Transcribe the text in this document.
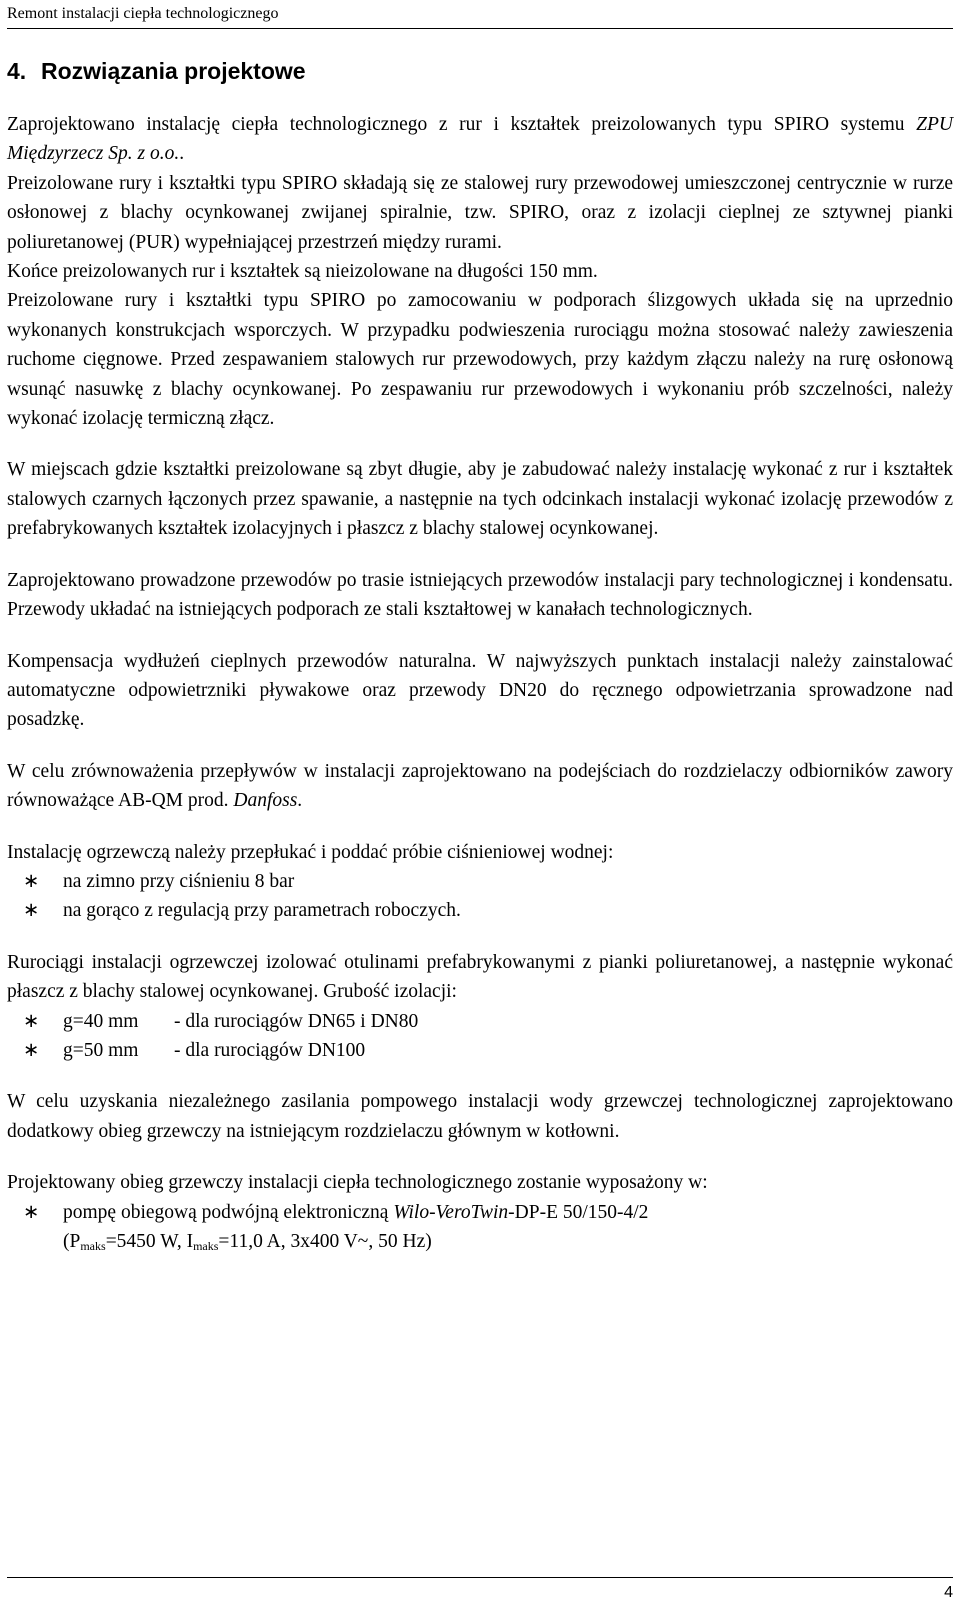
Remont instalacji ciepła technologicznego
4. Rozwiązania projektowe

Zaprojektowano instalację ciepła technologicznego z rur i kształtek preizolowanych typu SPIRO systemu ZPU Międzyrzecz Sp. z o.o..

Preizolowane rury i kształtki typu SPIRO składają się ze stalowej rury przewodowej umieszczonej centrycznie w rurze osłonowej z blachy ocynkowanej zwijanej spiralnie, tzw. SPIRO, oraz z izolacji cieplnej ze sztywnej pianki poliuretanowej (PUR) wypełniającej przestrzeń między rurami.

Końce preizolowanych rur i kształtek są nieizolowane na długości 150 mm.

Preizolowane rury i kształtki typu SPIRO po zamocowaniu w podporach ślizgowych układa się na uprzednio wykonanych konstrukcjach wsporczych. W przypadku podwieszenia rurociągu można stosować należy zawieszenia ruchome cięgnowe. Przed zespawaniem stalowych rur przewodowych, przy każdym złączu należy na rurę osłonową wsunąć nasuwkę z blachy ocynkowanej. Po zespawaniu rur przewodowych i wykonaniu prób szczelności, należy wykonać izolację termiczną złącz.

W miejscach gdzie kształtki preizolowane są zbyt długie, aby je zabudować należy instalację wykonać z rur i kształtek stalowych czarnych łączonych przez spawanie, a następnie na tych odcinkach instalacji wykonać izolację przewodów z prefabrykowanych kształtek izolacyjnych i płaszcz z blachy stalowej ocynkowanej.

Zaprojektowano prowadzone przewodów po trasie istniejących przewodów instalacji pary technologicznej i kondensatu. Przewody układać na istniejących podporach ze stali kształtowej w kanałach technologicznych.

Kompensacja wydłużeń cieplnych przewodów naturalna. W najwyższych punktach instalacji należy zainstalować automatyczne odpowietrzniki pływakowe oraz przewody DN20 do ręcznego odpowietrzania sprowadzone nad posadzkę.

W celu zrównoważenia przepływów w instalacji zaprojektowano na podejściach do rozdzielaczy odbiorników zawory równoważące AB-QM prod. Danfoss.

Instalację ogrzewczą należy przepłukać i poddać próbie ciśnieniowej wodnej:

∗ na zimno przy ciśnieniu 8 bar
∗ na gorąco z regulacją przy parametrach roboczych.

Rurociągi instalacji ogrzewczej izolować otulinami prefabrykowanymi z pianki poliuretanowej, a następnie wykonać płaszcz z blachy stalowej ocynkowanej. Grubość izolacji:

∗ g=40 mm - dla rurociągów DN65 i DN80
∗ g=50 mm - dla rurociągów DN100

W celu uzyskania niezależnego zasilania pompowego instalacji wody grzewczej technologicznej zaprojektowano dodatkowy obieg grzewczy na istniejącym rozdzielaczu głównym w kotłowni.

Projektowany obieg grzewczy instalacji ciepła technologicznego zostanie wyposażony w:

∗ pompę obiegową podwójną elektroniczną Wilo-VeroTwin-DP-E 50/150-4/2
($P_{maks}=5450$ W, $I_{maks}=11,0$ A, 3x400 V~, 50 Hz)
4
